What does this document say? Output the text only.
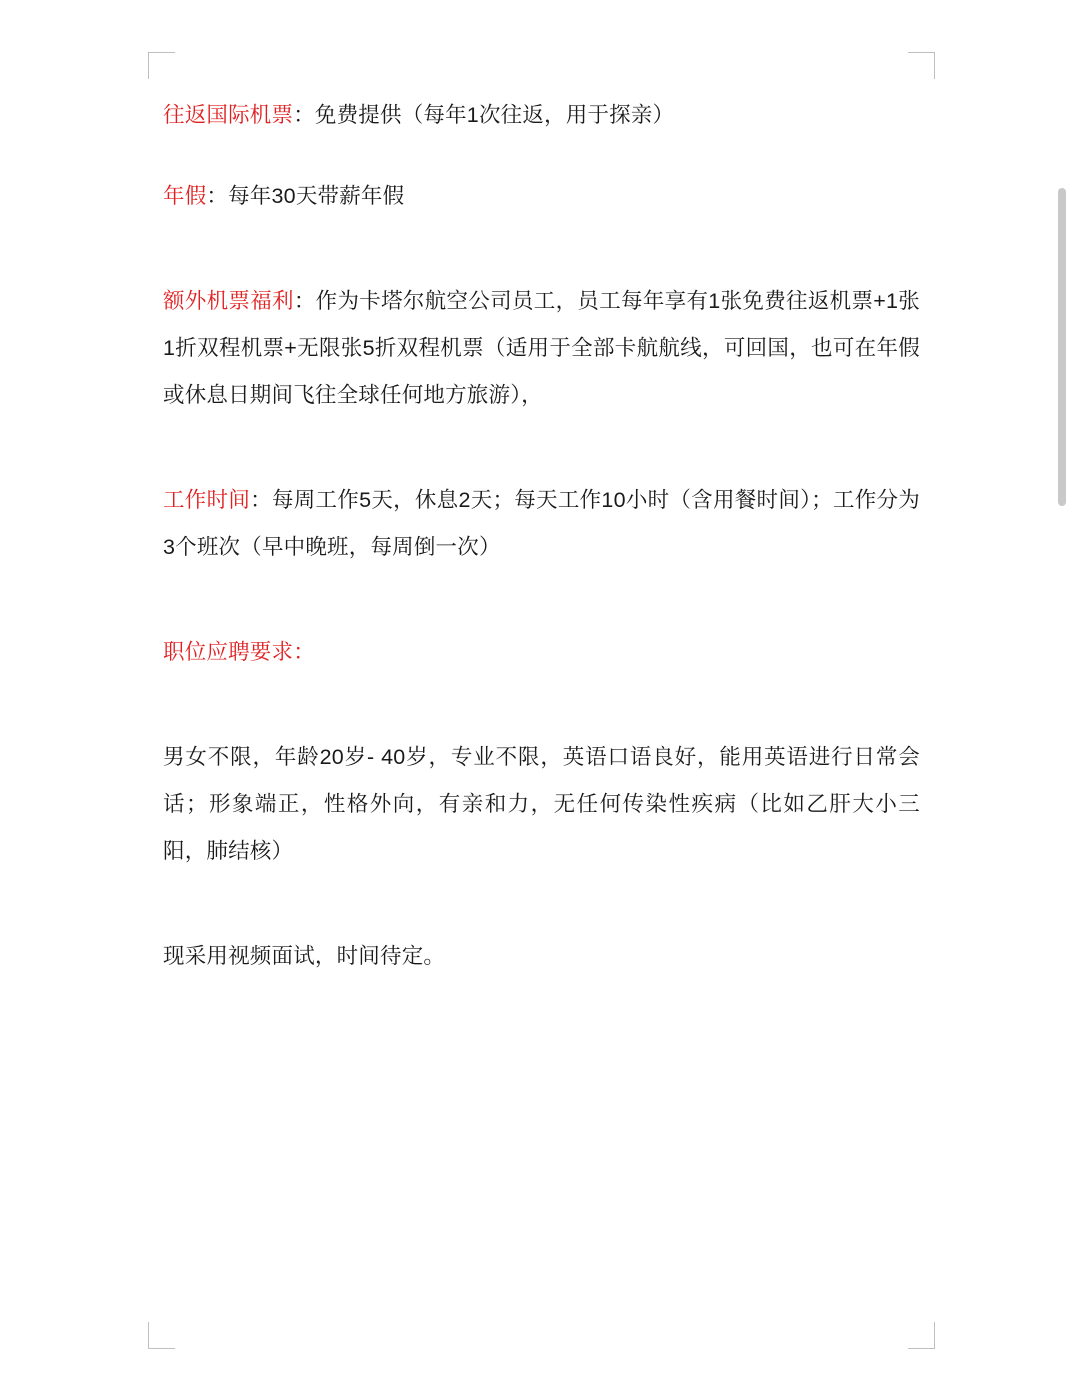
往返国际机票：免费提供（每年1次往返，用于探亲）

年假：每年30天带薪年假

额外机票福利：作为卡塔尔航空公司员工，员工每年享有1张免费往返机票+1张1折双程机票+无限张5折双程机票（适用于全部卡航航线，可回国，也可在年假或休息日期间飞往全球任何地方旅游），

工作时间：每周工作5天，休息2天；每天工作10小时（含用餐时间）；工作分为3个班次（早中晚班，每周倒一次）

职位应聘要求：

男女不限，年龄20岁- 40岁，专业不限，英语口语良好，能用英语进行日常会话；形象端正，性格外向，有亲和力，无任何传染性疾病（比如乙肝大小三阳，肺结核）

现采用视频面试，时间待定。
